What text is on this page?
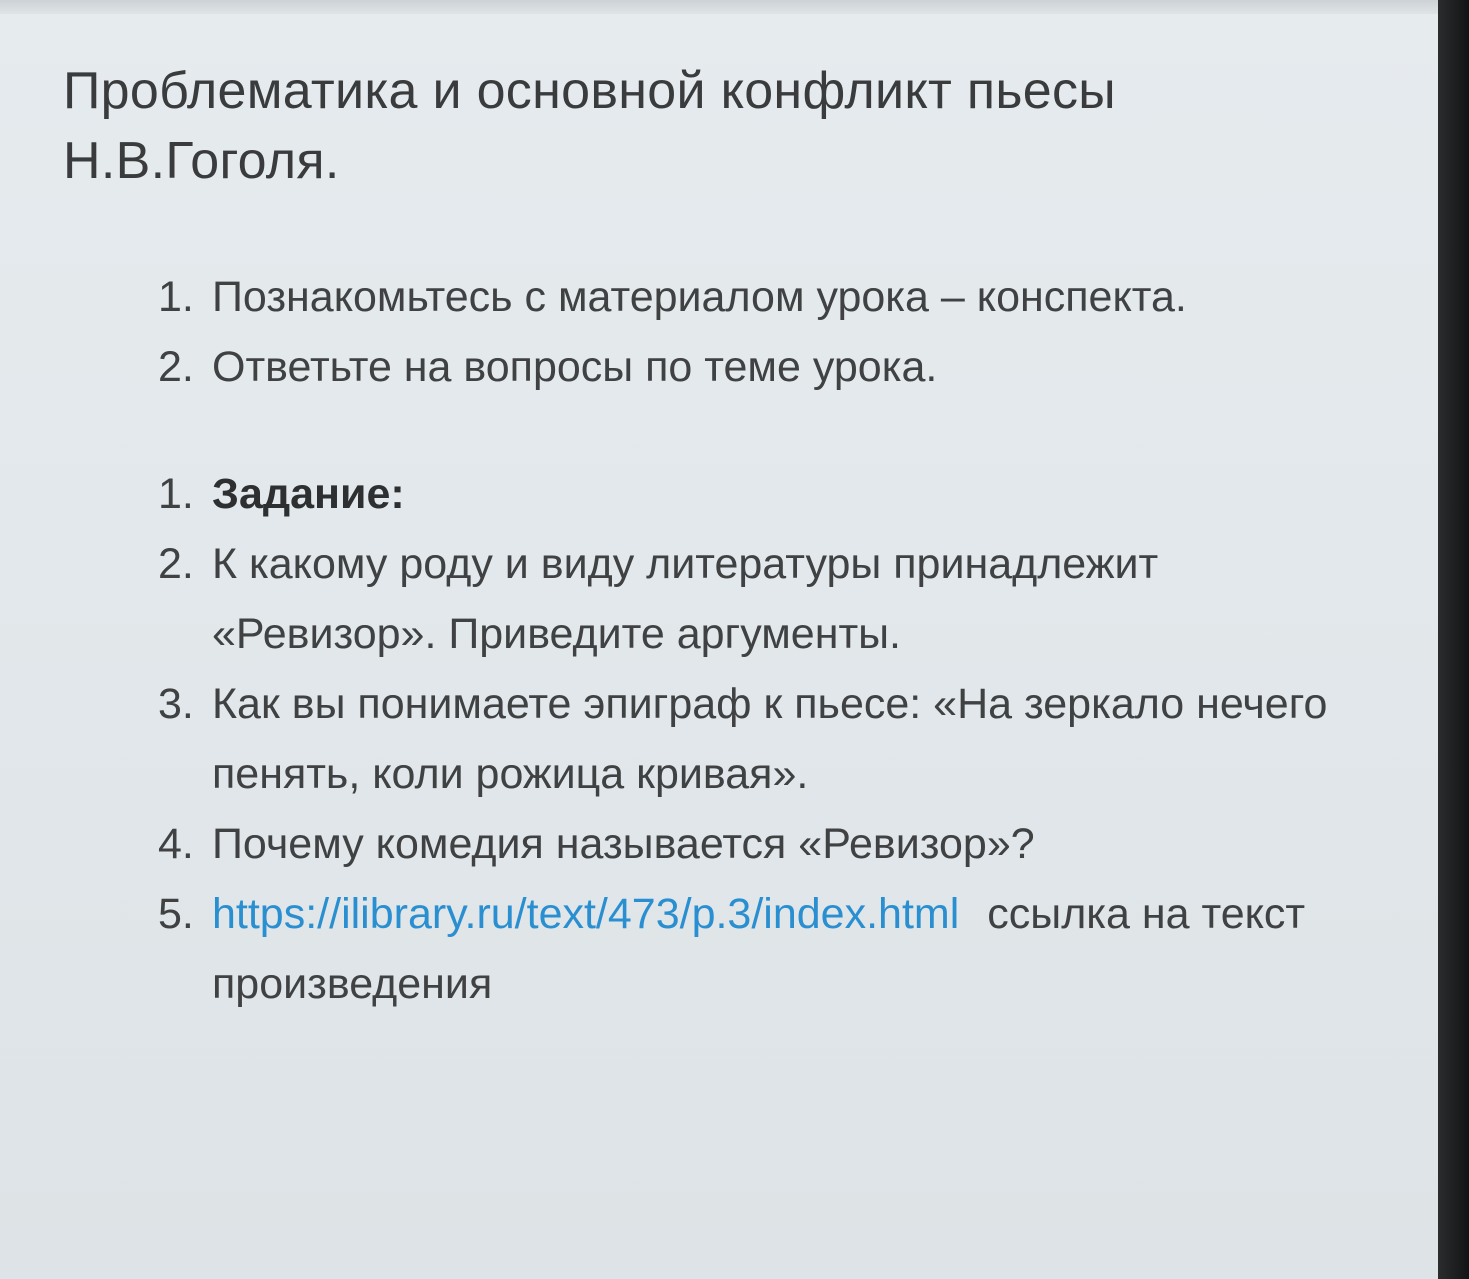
Проблематика и основной конфликт пьесы Н.В.Гоголя.
1. Познакомьтесь с материалом урока – конспекта.
2. Ответьте на вопросы по теме урока.
1. Задание:
2. К какому роду и виду литературы принадлежит «Ревизор». Приведите аргументы.
3. Как вы понимаете эпиграф к пьесе: «На зеркало нечего пенять, коли рожица кривая».
4. Почему комедия называется «Ревизор»?
5. https://ilibrary.ru/text/473/p.3/index.html ссылка на текст произведения
